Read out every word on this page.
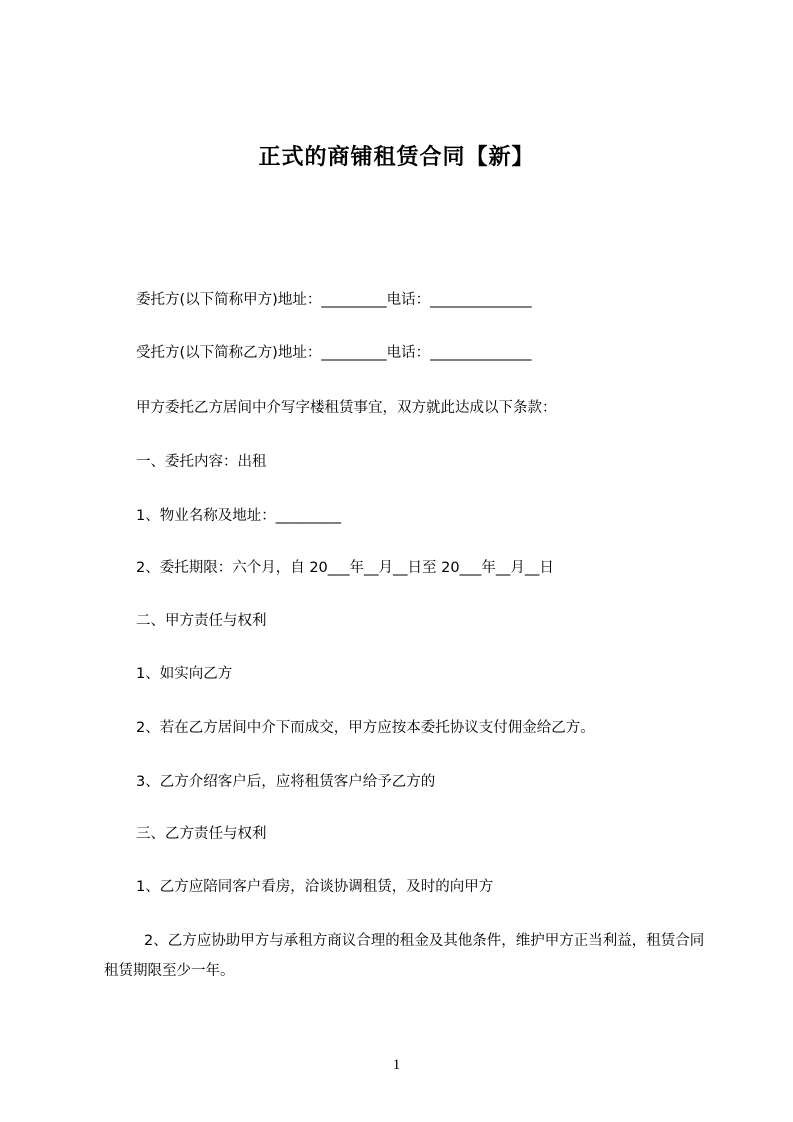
正式的商铺租赁合同【新】
委托方(以下简称甲方)地址：_________电话：______________
受托方(以下简称乙方)地址：_________电话：______________
甲方委托乙方居间中介写字楼租赁事宜，双方就此达成以下条款：
一、委托内容：出租
1、物业名称及地址：_________
2、委托期限：六个月，自 20___年__月__日至 20___年__月__日
二、甲方责任与权利
1、如实向乙方
2、若在乙方居间中介下而成交，甲方应按本委托协议支付佣金给乙方。
3、乙方介绍客户后，应将租赁客户给予乙方的
三、乙方责任与权利
1、乙方应陪同客户看房，洽谈协调租赁，及时的向甲方
2、乙方应协助甲方与承租方商议合理的租金及其他条件，维护甲方正当利益，租赁合同租赁期限至少一年。
1
